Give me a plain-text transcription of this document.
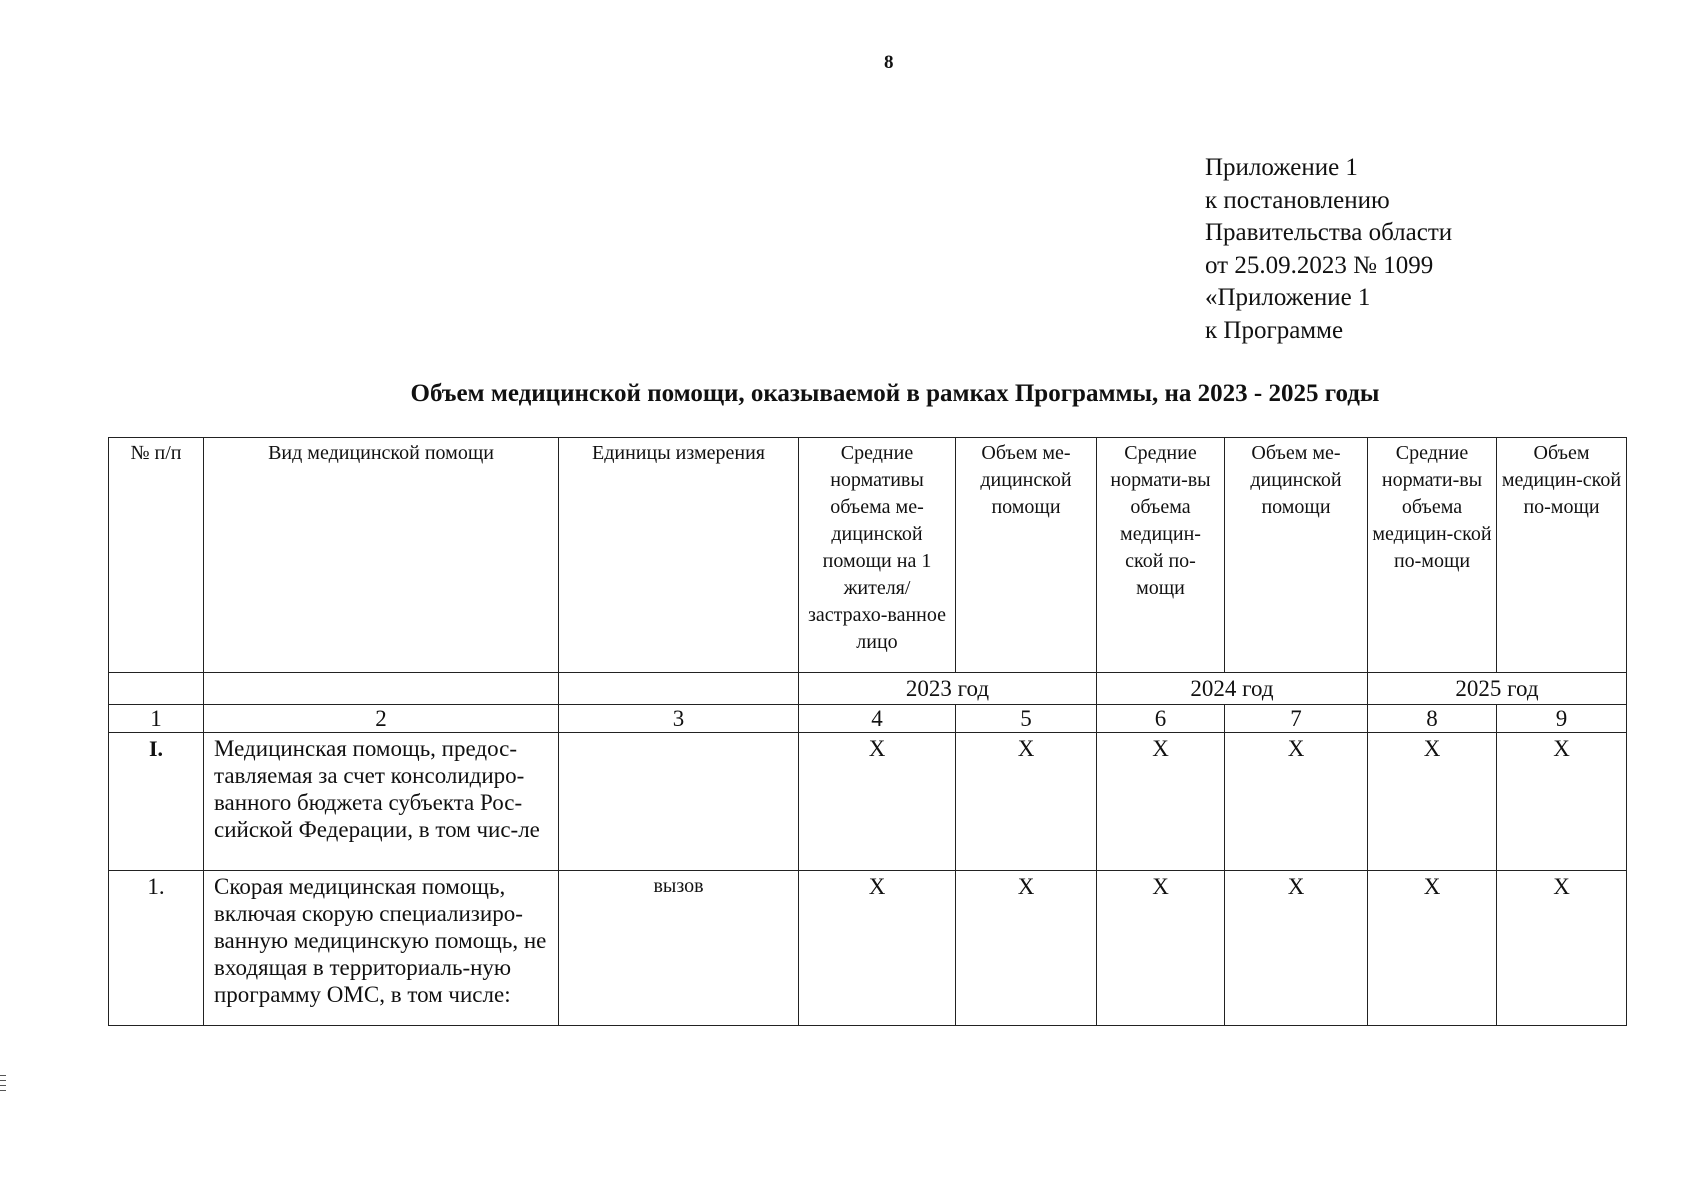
8
Приложение 1
к постановлению
Правительства области
от 25.09.2023 № 1099
«Приложение 1
к Программе
Объем медицинской помощи, оказываемой в рамках Программы, на 2023 - 2025 годы
№ п/п	Вид медицинской помощи	Единицы измерения	Средние нормативы объема ме-дицинской помощи на 1 жителя/ застрахо-ванное лицо	Объем ме-дицинской помощи	Средние нормати-вы объема медицин-ской по-мощи	Объем ме-дицинской помощи	Средние нормати-вы объема медицин-ской по-мощи	Объем медицин-ской по-мощи
			2023 год		2024 год		2025 год	
1	2	3	4	5	6	7	8	9
I.	Медицинская помощь, предос-тавляемая за счет консолидиро-ванного бюджета субъекта Рос-сийской Федерации, в том чис-ле		X	X	X	X	X	X
1.	Скорая медицинская помощь, включая скорую специализиро-ванную медицинскую помощь, не входящая в территориаль-ную программу ОМС, в том числе:	вызов	X	X	X	X	X	X
